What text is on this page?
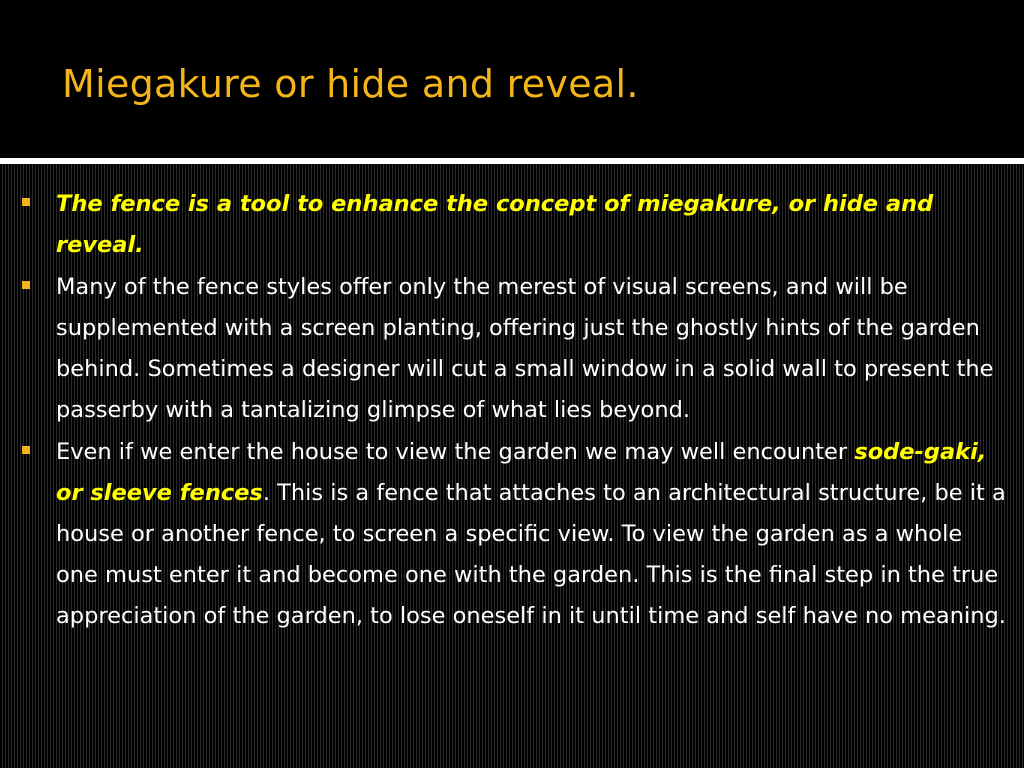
Miegakure or hide and reveal.
The fence is a tool to enhance the concept of miegakure, or hide and reveal.
Many of the fence styles offer only the merest of visual screens, and will be supplemented with a screen planting, offering just the ghostly hints of the garden behind. Sometimes a designer will cut a small window in a solid wall to present the passerby with a tantalizing glimpse of what lies beyond.
Even if we enter the house to view the garden we may well encounter sode-gaki, or sleeve fences. This is a fence that attaches to an architectural structure, be it a house or another fence, to screen a specific view. To view the garden as a whole one must enter it and become one with the garden. This is the final step in the true appreciation of the garden, to lose oneself in it until time and self have no meaning.
